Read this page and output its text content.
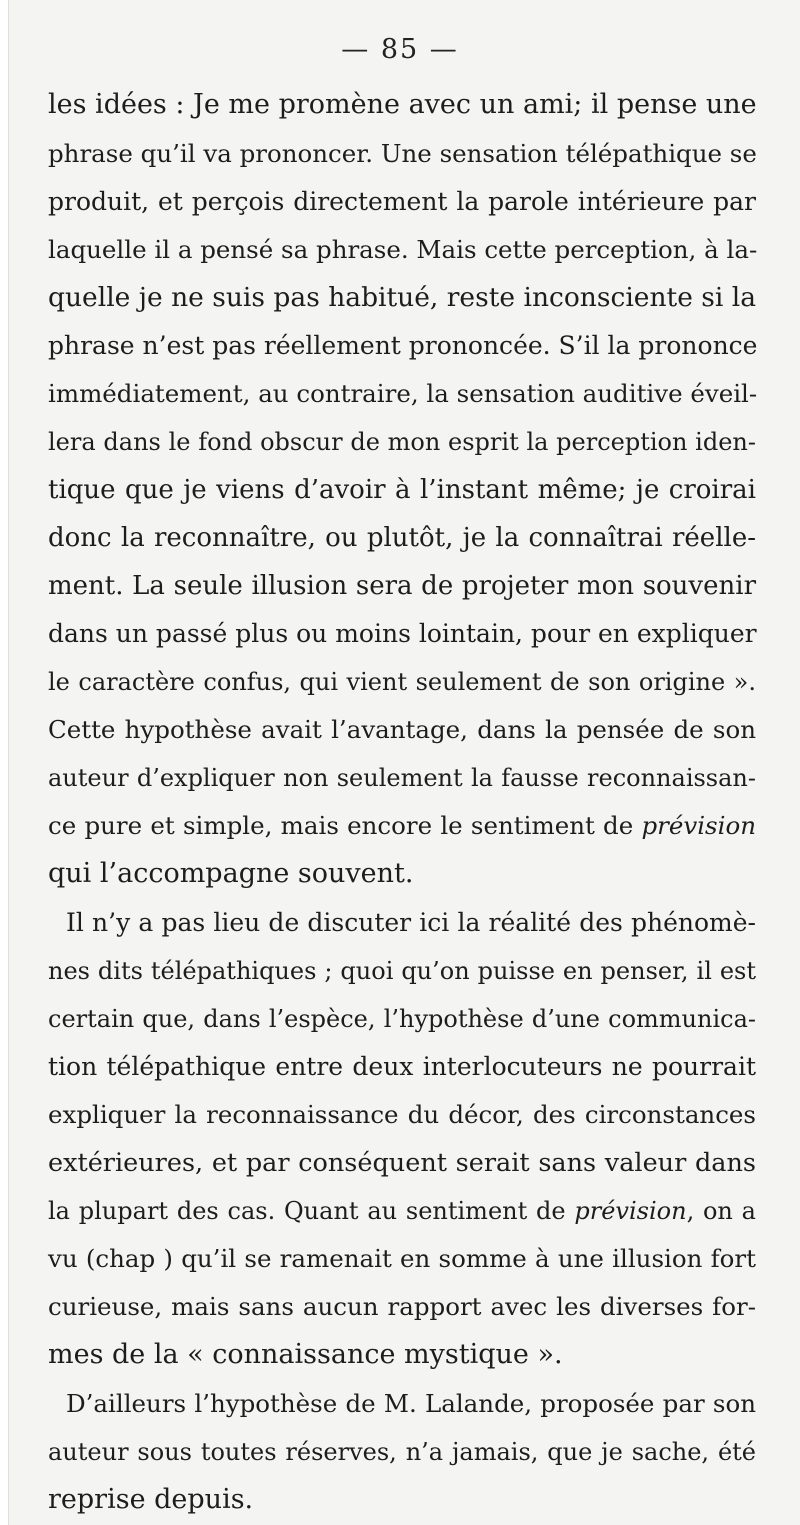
— 85 —
les idées : Je me promène avec un ami; il pense une
phrase qu’il va prononcer. Une sensation télépathique se
produit, et perçois directement la parole intérieure par
laquelle il a pensé sa phrase. Mais cette perception, à la-
quelle je ne suis pas habitué, reste inconsciente si la
phrase n’est pas réellement prononcée. S’il la prononce
immédiatement, au contraire, la sensation auditive éveil-
lera dans le fond obscur de mon esprit la perception iden-
tique que je viens d’avoir à l’instant même; je croirai
donc la reconnaître, ou plutôt, je la connaîtrai réelle-
ment. La seule illusion sera de projeter mon souvenir
dans un passé plus ou moins lointain, pour en expliquer
le caractère confus, qui vient seulement de son origine ».
Cette hypothèse avait l’avantage, dans la pensée de son
auteur d’expliquer non seulement la fausse reconnaissan-
ce pure et simple, mais encore le sentiment de prévision
qui l’accompagne souvent.
Il n’y a pas lieu de discuter ici la réalité des phénomè-
nes dits télépathiques ; quoi qu’on puisse en penser, il est
certain que, dans l’espèce, l’hypothèse d’une communica-
tion télépathique entre deux interlocuteurs ne pourrait
expliquer la reconnaissance du décor, des circonstances
extérieures, et par conséquent serait sans valeur dans
la plupart des cas. Quant au sentiment de prévision, on a
vu (chap ) qu’il se ramenait en somme à une illusion fort
curieuse, mais sans aucun rapport avec les diverses for-
mes de la « connaissance mystique ».
D’ailleurs l’hypothèse de M. Lalande, proposée par son
auteur sous toutes réserves, n’a jamais, que je sache, été
reprise depuis.
